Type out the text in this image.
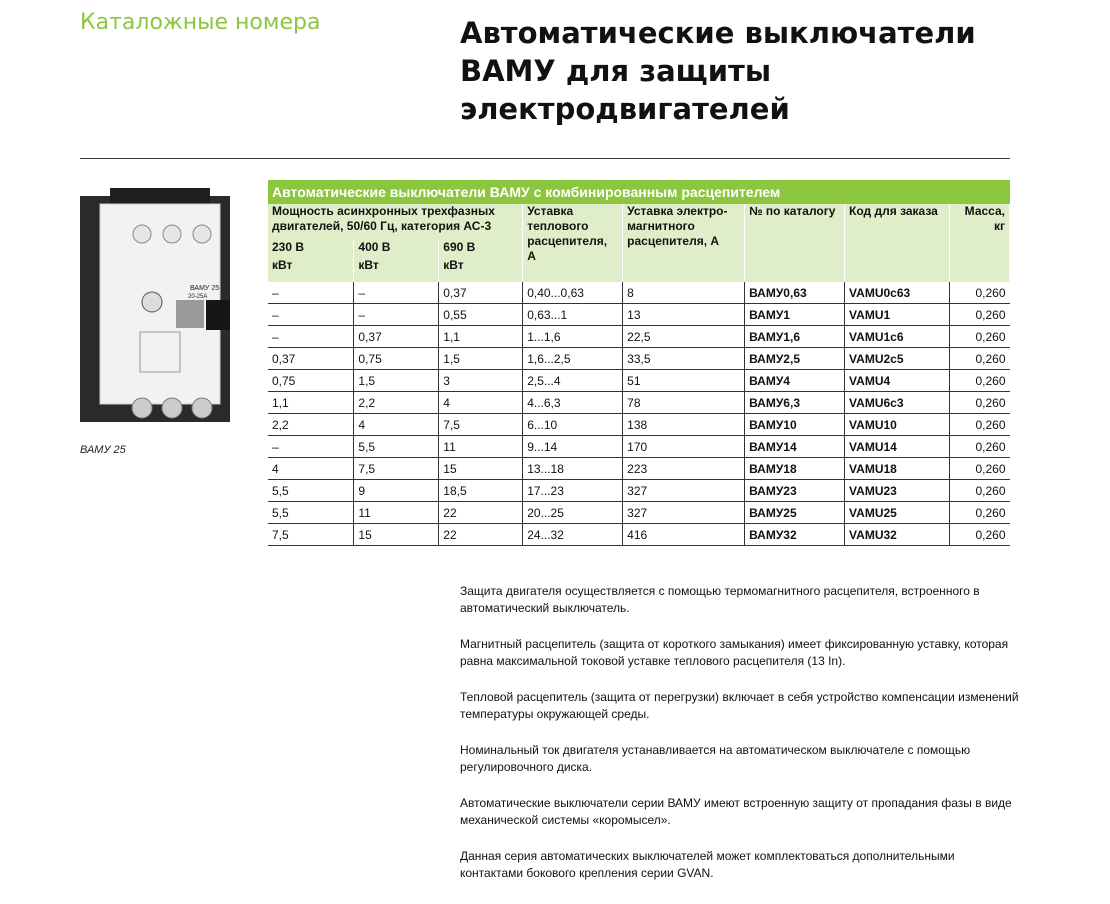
Каталожные номера	Автоматические выключатели ВАМУ для защиты электродвигателей
ВАМУ 25
20-25А
ВАМУ 25
Автоматические выключатели ВАМУ с комбинированным расцепителем							
Мощность асинхронных трехфазных двигателей, 50/60 Гц, категория АС-3			Уставка теплового расцепителя, А	Уставка электро-магнитного расцепителя, А	№ по каталогу	Код для заказа	Масса, кг
230 В	400 В	690 В					
кВт	кВт	кВт					
–	–	0,37	0,40...0,63	8	ВАМУ0,63	VAMU0c63	0,260
–	–	0,55	0,63...1	13	ВАМУ1	VAMU1	0,260
–	0,37	1,1	1...1,6	22,5	ВАМУ1,6	VAMU1c6	0,260
0,37	0,75	1,5	1,6...2,5	33,5	ВАМУ2,5	VAMU2c5	0,260
0,75	1,5	3	2,5...4	51	ВАМУ4	VAMU4	0,260
1,1	2,2	4	4...6,3	78	ВАМУ6,3	VAMU6c3	0,260
2,2	4	7,5	6...10	138	ВАМУ10	VAMU10	0,260
–	5,5	11	9...14	170	ВАМУ14	VAMU14	0,260
4	7,5	15	13...18	223	ВАМУ18	VAMU18	0,260
5,5	9	18,5	17...23	327	ВАМУ23	VAMU23	0,260
5,5	11	22	20...25	327	ВАМУ25	VAMU25	0,260
7,5	15	22	24...32	416	ВАМУ32	VAMU32	0,260

Защита двигателя осуществляется с помощью термомагнитного расцепителя, встроенного в автоматический выключатель.

Магнитный расцепитель (защита от короткого замыкания) имеет фиксированную уставку, которая равна максимальной токовой уставке теплового расцепителя (13 In).

Тепловой расцепитель (защита от перегрузки) включает в себя устройство компенсации изменений температуры окружающей среды.

Номинальный ток двигателя устанавливается на автоматическом выключателе с помощью регулировочного диска.

Автоматические выключатели серии ВАМУ имеют встроенную защиту от пропадания фазы в виде механической системы «коромысел».

Данная серия автоматических выключателей может комплектоваться дополнительными контактами бокового крепления серии GVAN.
